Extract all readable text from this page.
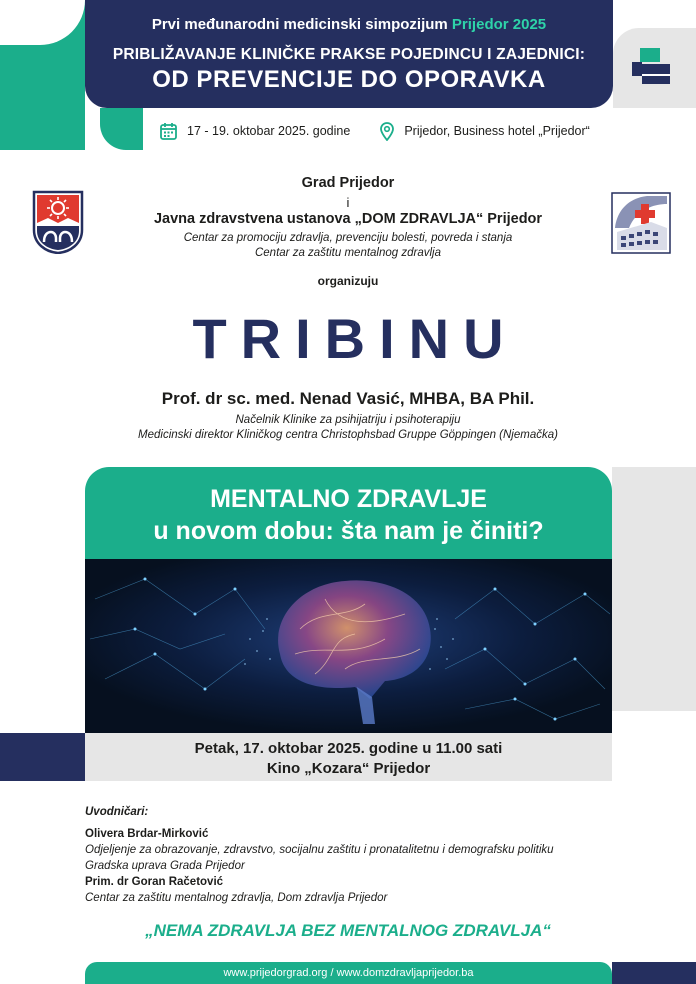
Prvi međunarodni medicinski simpozijum Prijedor 2025
PRIBLIŽAVANJE KLINIČKE PRAKSE POJEDINCU I ZAJEDNICI:
OD PREVENCIJE DO OPORAVKA
17 - 19. oktobar 2025. godine	Prijedor, Business hotel „Prijedor“
Grad Prijedor
i
Javna zdravstvena ustanova „DOM ZDRAVLJA“ Prijedor
Centar za promociju zdravlja, prevenciju bolesti, povreda i stanja
Centar za zaštitu mentalnog zdravlja
organizuju
TRIBINU
Prof. dr sc. med. Nenad Vasić, MHBA, BA Phil.
Načelnik Klinike za psihijatriju i psihoterapiju
Medicinski direktor Kliničkog centra Christophsbad Gruppe Göppingen (Njemačka)
MENTALNO ZDRAVLJE
u novom dobu: šta nam je činiti?
Petak, 17. oktobar 2025. godine u 11.00 sati
Kino „Kozara“ Prijedor
Uvodničari:
Olivera Brdar-Mirković
Odjeljenje za obrazovanje, zdravstvo, socijalnu zaštitu i pronatalitetnu i demografsku politiku
Gradska uprava Grada Prijedor
Prim. dr Goran Račetović
Centar za zaštitu mentalnog zdravlja, Dom zdravlja Prijedor
„NEMA ZDRAVLJA BEZ MENTALNOG ZDRAVLJA“
www.prijedorgrad.org / www.domzdravljaprijedor.ba
